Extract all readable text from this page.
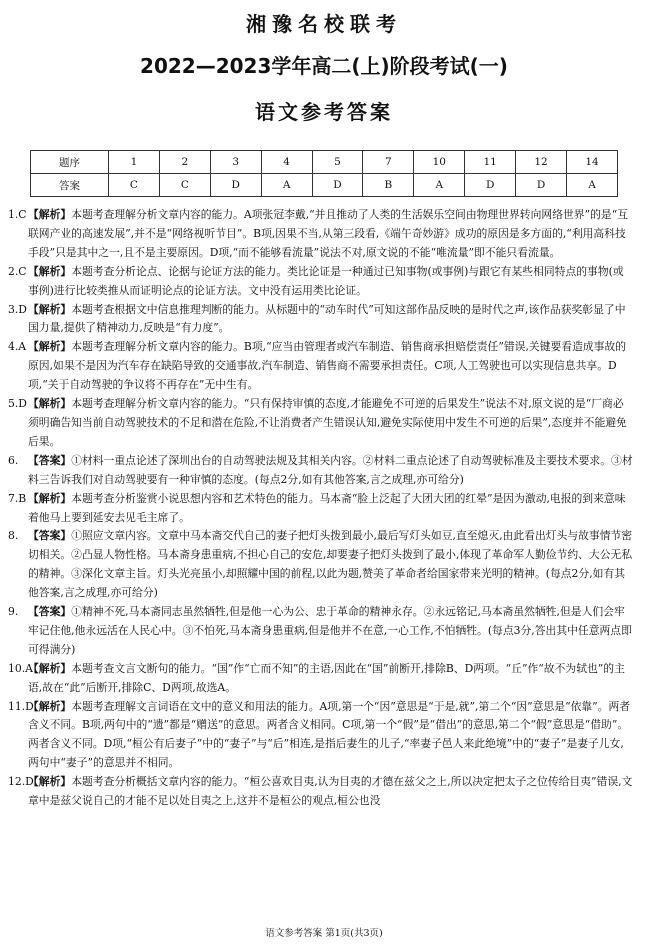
湘豫名校联考
2022—2023学年高二(上)阶段考试(一)
语文参考答案
题序	1	2	3	4	5	7	10	11	12	14
答案	C	C	D	A	D	B	A	D	D	A

1.C 【解析】本题考查理解分析文章内容的能力。A项张冠李戴,“并且推动了人类的生活娱乐空间由物理世界转向网络世界”的是“互联网产业的高速发展”,并不是“网络视听节目”。B项,因果不当,从第三段看,《端午奇妙游》成功的原因是多方面的,“利用高科技手段”只是其中之一,且不是主要原因。D项,“而不能够看流量”说法不对,原文说的不能“唯流量”即不能只看流量。

2.C 【解析】本题考查分析论点、论据与论证方法的能力。类比论证是一种通过已知事物(或事例)与跟它有某些相同特点的事物(或事例)进行比较类推从而证明论点的论证方法。文中没有运用类比论证。

3.D 【解析】本题考查根据文中信息推理判断的能力。从标题中的“动车时代”可知这部作品反映的是时代之声,该作品获奖彰显了中国力量,提供了精神动力,反映是“有力度”。

4.A 【解析】本题考查理解分析文章内容的能力。B项,“应当由管理者或汽车制造、销售商承担赔偿责任”错误,关键要看造成事故的原因,如果不是因为汽车存在缺陷导致的交通事故,汽车制造、销售商不需要承担责任。C项,人工驾驶也可以实现信息共享。D项,“关于自动驾驶的争议将不再存在”无中生有。

5.D 【解析】本题考查理解分析文章内容的能力。“只有保持审慎的态度,才能避免不可逆的后果发生”说法不对,原文说的是“厂商必须明确告知当前自动驾驶技术的不足和潜在危险,不让消费者产生错误认知,避免实际使用中发生不可逆的后果”,态度并不能避免后果。

6. 【答案】①材料一重点论述了深圳出台的自动驾驶法规及其相关内容。②材料二重点论述了自动驾驶标准及主要技术要求。③材料三告诉我们对自动驾驶要有一种审慎的态度。(每点2分,如有其他答案,言之成理,亦可给分)

7.B 【解析】本题考查分析鉴赏小说思想内容和艺术特色的能力。马本斋“脸上泛起了大团大团的红晕”是因为激动,电报的到来意味着他马上要到延安去见毛主席了。

8. 【答案】①照应文章内容。文章中马本斋交代自己的妻子把灯头拨到最小,最后写灯头如豆,直至熄灭,由此看出灯头与故事情节密切相关。②凸显人物性格。马本斋身患重病,不担心自己的安危,却要妻子把灯头拨到了最小,体现了革命军人勤俭节约、大公无私的精神。③深化文章主旨。灯头光亮虽小,却照耀中国的前程,以此为题,赞美了革命者给国家带来光明的精神。(每点2分,如有其他答案,言之成理,亦可给分)

9. 【答案】①精神不死,马本斋同志虽然牺牲,但是他一心为公、忠于革命的精神永存。②永远铭记,马本斋虽然牺牲,但是人们会牢牢记住他,他永远活在人民心中。③不怕死,马本斋身患重病,但是他并不在意,一心工作,不怕牺牲。(每点3分,答出其中任意两点即可得满分)

10.A
【解析】本题考查文言文断句的能力。“国”作“亡而不知”的主语,因此在“国”前断开,排除B、D两项。“丘”作“故不为轼也”的主语,故在“此”后断开,排除C、D两项,故选A。

11.D
【解析】本题考查理解文言词语在文中的意义和用法的能力。A项,第一个“因”意思是“于是,就”,第二个“因”意思是“依靠”。两者含义不同。B项,两句中的“遗”都是“赠送”的意思。两者含义相同。C项,第一个“假”是“借出”的意思,第二个“假”意思是“借助”。两者含义不同。D项,“桓公有后妻子”中的“妻子”与“后”相连,是指后妻生的儿子,“率妻子邑人来此绝境”中的“妻子”是妻子儿女,两句中“妻子”的意思并不相同。

12.D
【解析】本题考查分析概括文章内容的能力。“桓公喜欢目夷,认为目夷的才德在兹父之上,所以决定把太子之位传给目夷”错误,文章中是兹父说自己的才能不足以处目夷之上,这并不是桓公的观点,桓公也没

语文参考答案 第1页(共3页)
